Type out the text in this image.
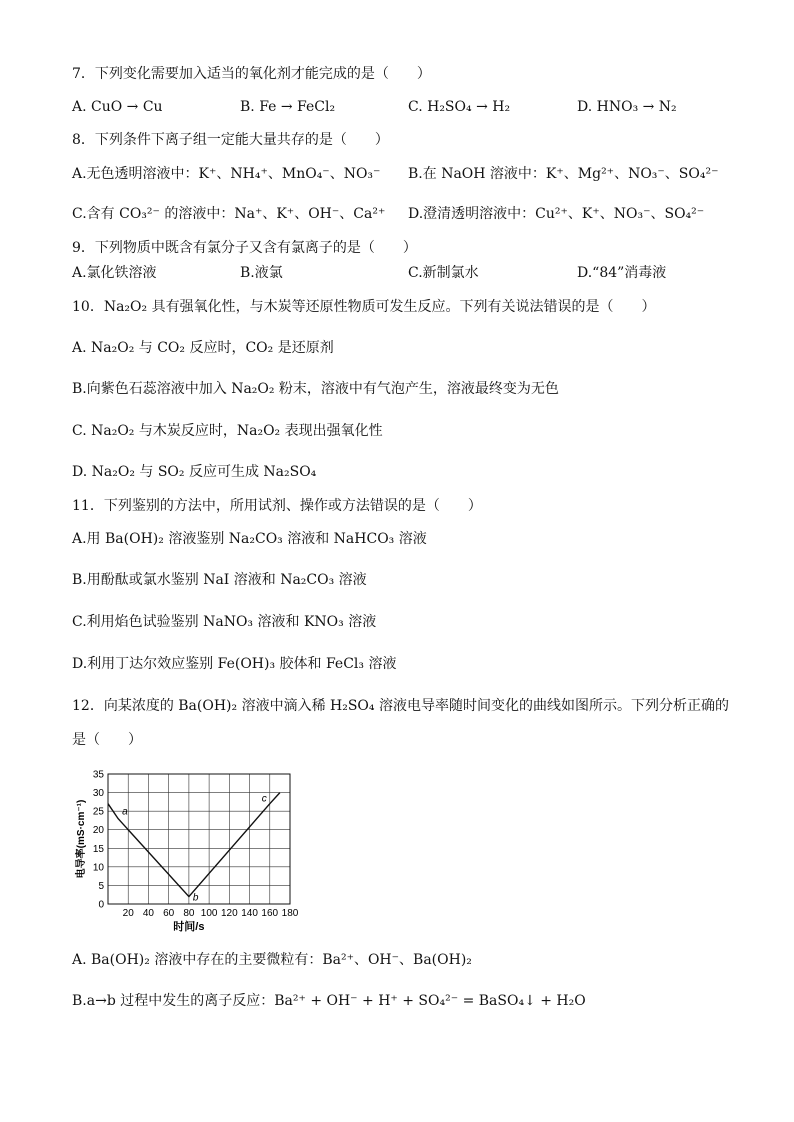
7．下列变化需要加入适当的氧化剂才能完成的是（　　）
A. CuO → Cu	B. Fe → FeCl₂	C. H₂SO₄ → H₂	D. HNO₃ → N₂
8．下列条件下离子组一定能大量共存的是（　　）
A.无色透明溶液中：K⁺、NH₄⁺、MnO₄⁻、NO₃⁻ B.在 NaOH 溶液中：K⁺、Mg²⁺、NO₃⁻、SO₄²⁻
C.含有 CO₃²⁻ 的溶液中：Na⁺、K⁺、OH⁻、Ca²⁺ D.澄清透明溶液中：Cu²⁺、K⁺、NO₃⁻、SO₄²⁻
9．下列物质中既含有氯分子又含有氯离子的是（　　）
A.氯化铁溶液	B.液氯	C.新制氯水	D.“84”消毒液
10．Na₂O₂ 具有强氧化性，与木炭等还原性物质可发生反应。下列有关说法错误的是（　　）
A. Na₂O₂ 与 CO₂ 反应时，CO₂ 是还原剂
B.向紫色石蕊溶液中加入 Na₂O₂ 粉末，溶液中有气泡产生，溶液最终变为无色
C. Na₂O₂ 与木炭反应时，Na₂O₂ 表现出强氧化性
D. Na₂O₂ 与 SO₂ 反应可生成 Na₂SO₄
11．下列鉴别的方法中，所用试剂、操作或方法错误的是（　　）
A.用 Ba(OH)₂ 溶液鉴别 Na₂CO₃ 溶液和 NaHCO₃ 溶液
B.用酚酞或氯水鉴别 NaI 溶液和 Na₂CO₃ 溶液
C.利用焰色试验鉴别 NaNO₃ 溶液和 KNO₃ 溶液
D.利用丁达尔效应鉴别 Fe(OH)₃ 胶体和 FeCl₃ 溶液
12．向某浓度的 Ba(OH)₂ 溶液中滴入稀 H₂SO₄ 溶液电导率随时间变化的曲线如图所示。下列分析正确的
是（　　）
20 40 60 80 100 120 140 160 180
0
5
10
15
20
25
30
35
时间/s
电导率(mS·cm⁻¹)	a
b
c
A. Ba(OH)₂ 溶液中存在的主要微粒有：Ba²⁺、OH⁻、Ba(OH)₂
B.a→b 过程中发生的离子反应：Ba²⁺ + OH⁻ + H⁺ + SO₄²⁻ = BaSO₄↓ + H₂O
